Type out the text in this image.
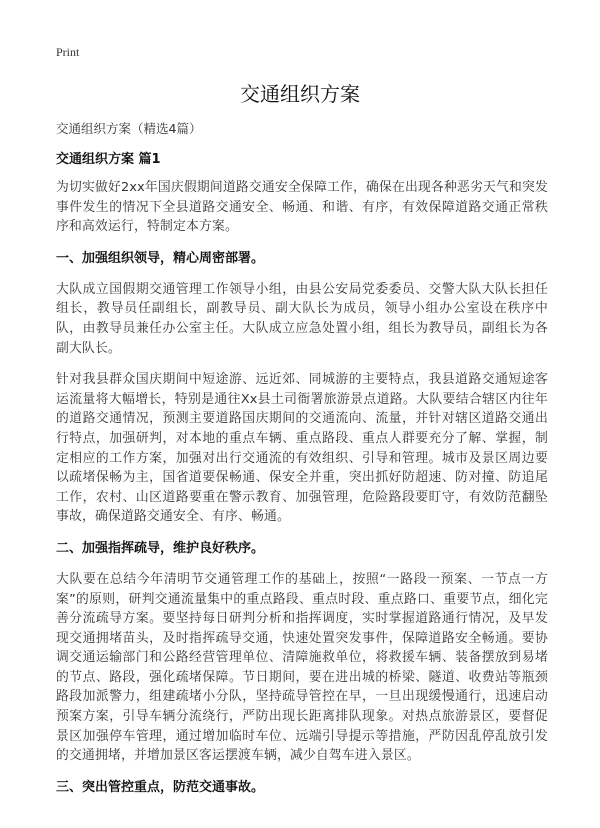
Print
交通组织方案

交通组织方案（精选4篇）

交通组织方案 篇1

为切实做好2xx年国庆假期间道路交通安全保障工作，确保在出现各种恶劣天气和突发事件发生的情况下全县道路交通安全、畅通、和谐、有序，有效保障道路交通正常秩序和高效运行，特制定本方案。

一、加强组织领导，精心周密部署。

大队成立国假期交通管理工作领导小组，由县公安局党委委员、交警大队大队长担任组长，教导员任副组长，副教导员、副大队长为成员，领导小组办公室设在秩序中队，由教导员兼任办公室主任。大队成立应急处置小组，组长为教导员，副组长为各副大队长。

针对我县群众国庆期间中短途游、远近郊、同城游的主要特点，我县道路交通短途客运流量将大幅增长，特别是通往Xx县土司衙署旅游景点道路。大队要结合辖区内往年的道路交通情况，预测主要道路国庆期间的交通流向、流量，并针对辖区道路交通出行特点，加强研判，对本地的重点车辆、重点路段、重点人群要充分了解、掌握，制定相应的工作方案，加强对出行交通流的有效组织、引导和管理。城市及景区周边要以疏堵保畅为主，国省道要保畅通、保安全并重，突出抓好防超速、防对撞、防追尾工作，农村、山区道路要重在警示教育、加强管理，危险路段要盯守，有效防范翻坠事故，确保道路交通安全、有序、畅通。

二、加强指挥疏导，维护良好秩序。

大队要在总结今年清明节交通管理工作的基础上，按照“一路段一预案、一节点一方案”的原则，研判交通流量集中的重点路段、重点时段、重点路口、重要节点，细化完善分流疏导方案。要坚持每日研判分析和指挥调度，实时掌握道路通行情况，及早发现交通拥堵苗头，及时指挥疏导交通，快速处置突发事件，保障道路安全畅通。要协调交通运输部门和公路经营管理单位、清障施救单位，将救援车辆、装备摆放到易堵的节点、路段，强化疏堵保障。节日期间，要在进出城的桥梁、隧道、收费站等瓶颈路段加派警力，组建疏堵小分队，坚持疏导管控在早，一旦出现缓慢通行，迅速启动预案方案，引导车辆分流绕行，严防出现长距离排队现象。对热点旅游景区，要督促景区加强停车管理，通过增加临时车位、远端引导提示等措施，严防因乱停乱放引发的交通拥堵，并增加景区客运摆渡车辆，减少自驾车进入景区。

三、突出管控重点，防范交通事故。
